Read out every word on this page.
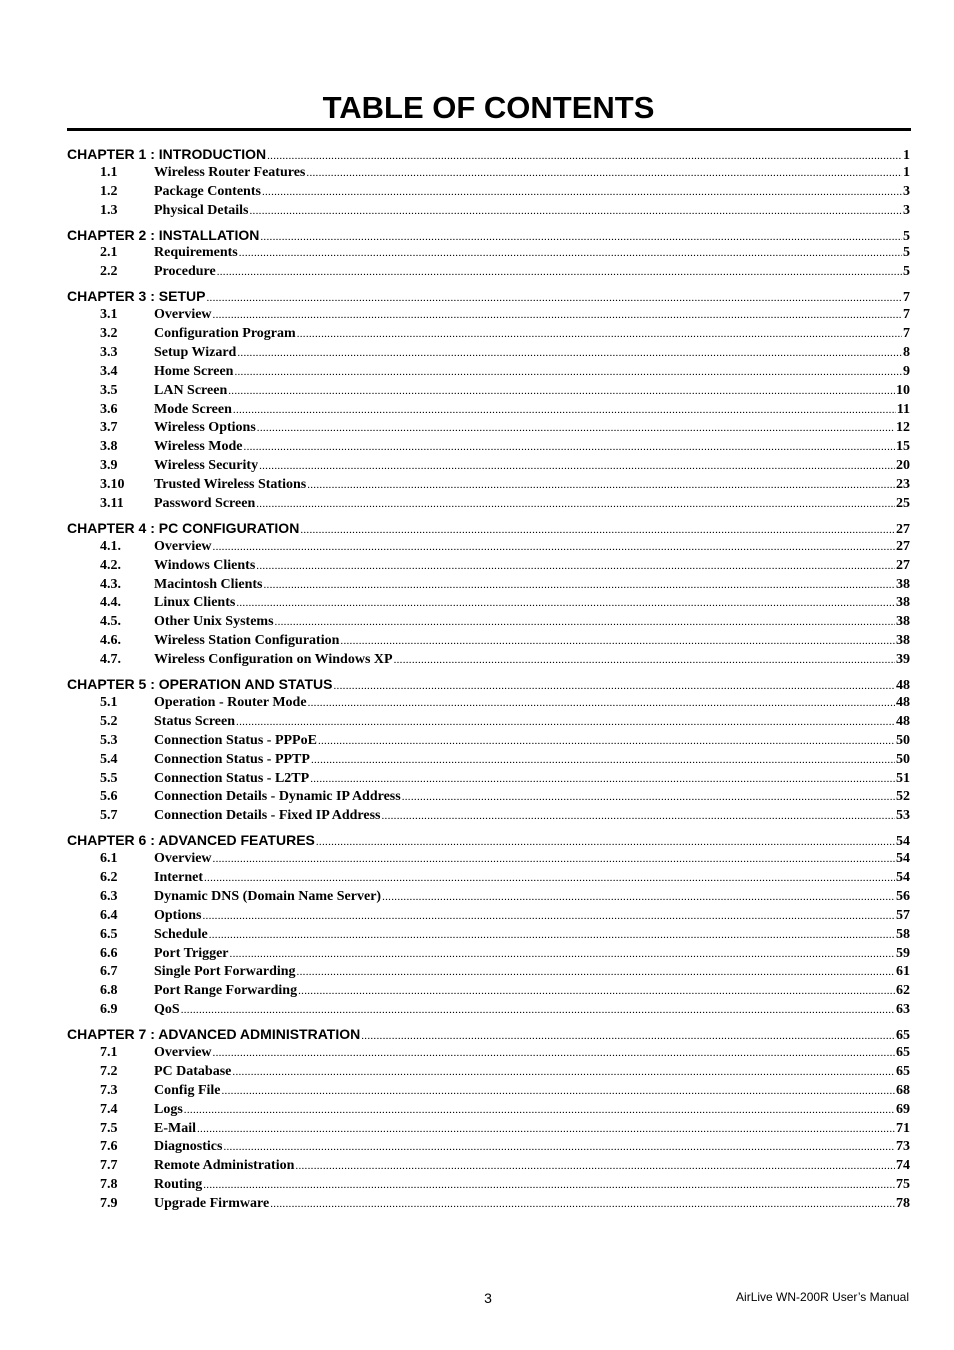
TABLE OF CONTENTS
CHAPTER 1 : INTRODUCTION .....	1
1.1	Wireless Router Features .....	1
1.2	Package Contents .....	3
1.3	Physical Details .....	3
CHAPTER 2 : INSTALLATION .....	5
2.1	Requirements .....	5
2.2	Procedure .....	5
CHAPTER 3 : SETUP .....	7
3.1	Overview .....	7
3.2	Configuration Program .....	7
3.3	Setup Wizard .....	8
3.4	Home Screen .....	9
3.5	LAN Screen .....	10
3.6	Mode Screen .....	11
3.7	Wireless Options .....	12
3.8	Wireless Mode .....	15
3.9	Wireless Security .....	20
3.10	Trusted Wireless Stations .....	23
3.11	Password Screen .....	25
CHAPTER 4 : PC CONFIGURATION .....	27
4.1.	Overview .....	27
4.2.	Windows Clients .....	27
4.3.	Macintosh Clients .....	38
4.4.	Linux Clients .....	38
4.5.	Other Unix Systems .....	38
4.6.	Wireless Station Configuration .....	38
4.7.	Wireless Configuration on Windows XP .....	39
CHAPTER 5 : OPERATION AND STATUS .....	48
5.1	Operation - Router Mode .....	48
5.2	Status Screen .....	48
5.3	Connection Status - PPPoE .....	50
5.4	Connection Status - PPTP .....	50
5.5	Connection Status - L2TP .....	51
5.6	Connection Details - Dynamic IP Address .....	52
5.7	Connection Details - Fixed IP Address .....	53
CHAPTER 6 : ADVANCED FEATURES .....	54
6.1	Overview .....	54
6.2	Internet .....	54
6.3	Dynamic DNS (Domain Name Server) .....	56
6.4	Options .....	57
6.5	Schedule .....	58
6.6	Port Trigger .....	59
6.7	Single Port Forwarding .....	61
6.8	Port Range Forwarding .....	62
6.9	QoS .....	63
CHAPTER 7 : ADVANCED ADMINISTRATION .....	65
7.1	Overview .....	65
7.2	PC Database .....	65
7.3	Config File .....	68
7.4	Logs .....	69
7.5	E-Mail .....	71
7.6	Diagnostics .....	73
7.7	Remote Administration .....	74
7.8	Routing .....	75
7.9	Upgrade Firmware .....	78
3	AirLive WN-200R User’s Manual
